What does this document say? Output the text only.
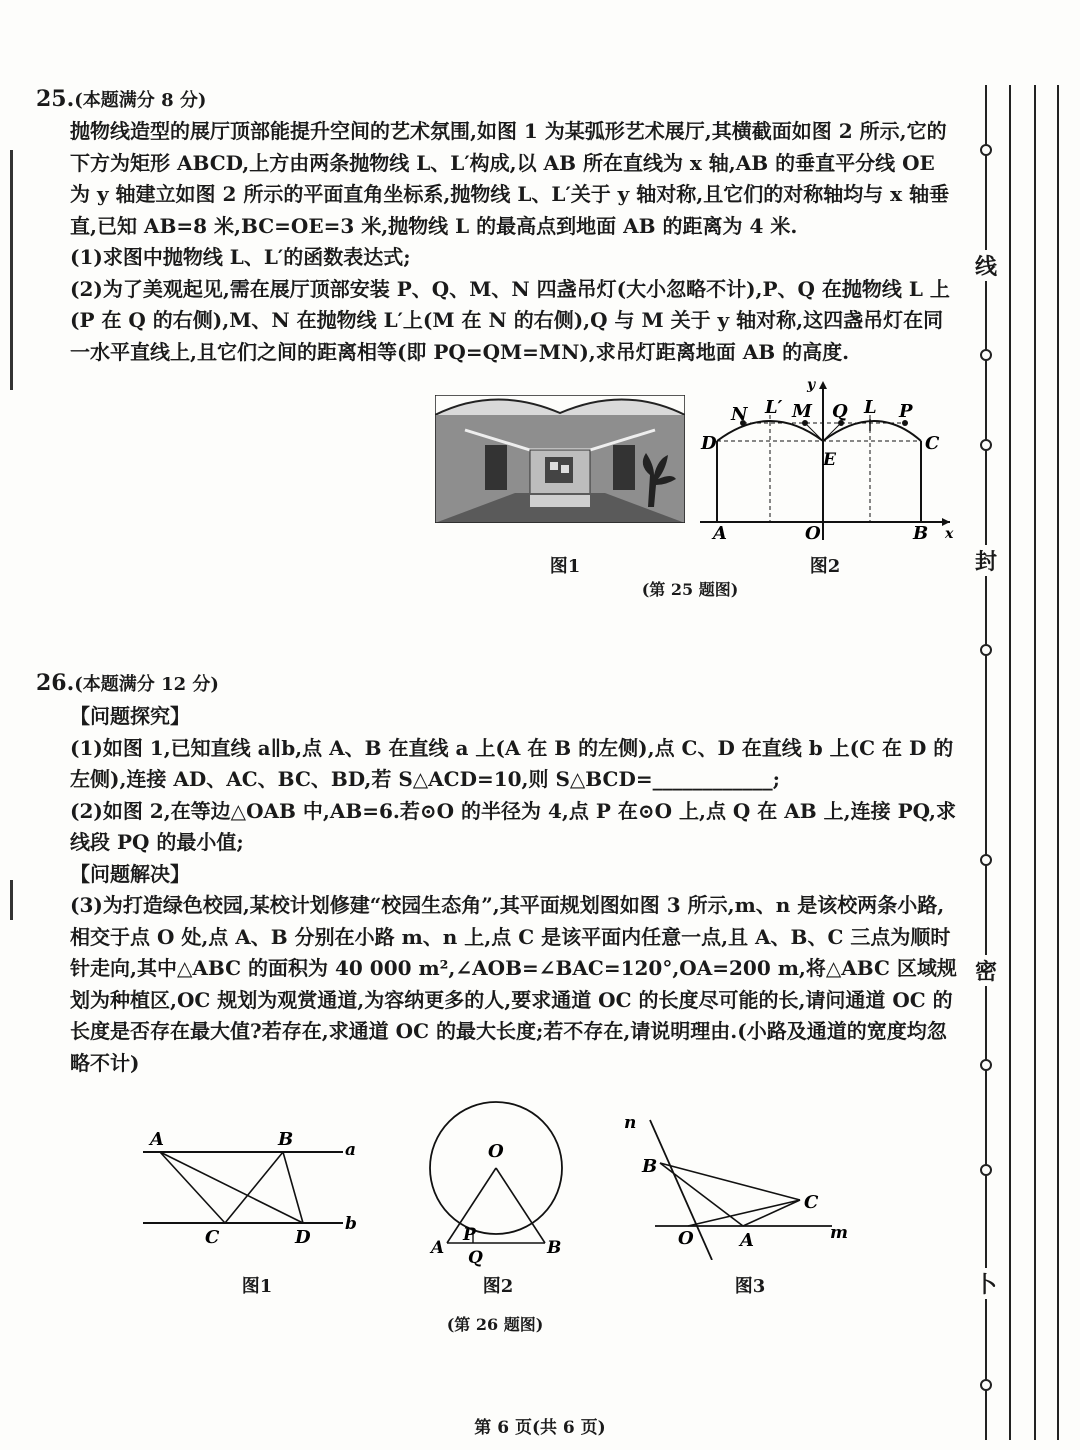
25.(本题满分 8 分)

抛物线造型的展厅顶部能提升空间的艺术氛围,如图 1 为某弧形艺术展厅,其横截面如图 2 所示,它的下方为矩形 ABCD,上方由两条抛物线 L、L′构成,以 AB 所在直线为 x 轴,AB 的垂直平分线 OE 为 y 轴建立如图 2 所示的平面直角坐标系,抛物线 L、L′关于 y 轴对称,且它们的对称轴均与 x 轴垂直,已知 AB=8 米,BC=OE=3 米,抛物线 L 的最高点到地面 AB 的距离为 4 米.

(1)求图中抛物线 L、L′的函数表达式;

(2)为了美观起见,需在展厅顶部安装 P、Q、M、N 四盏吊灯(大小忽略不计),P、Q 在抛物线 L 上(P 在 Q 的右侧),M、N 在抛物线 L′上(M 在 N 的右侧),Q 与 M 关于 y 轴对称,这四盏吊灯在同一水平直线上,且它们之间的距离相等(即 PQ=QM=MN),求吊灯距离地面 AB 的高度.

N L′ M Q L P
y
D	C
E
A	O	B x
图1	图2
(第 25 题图)
26.(本题满分 12 分)

【问题探究】

(1)如图 1,已知直线 a∥b,点 A、B 在直线 a 上(A 在 B 的左侧),点 C、D 在直线 b 上(C 在 D 的左侧),连接 AD、AC、BC、BD,若 S△ACD=10,则 S△BCD=____________;

(2)如图 2,在等边△OAB 中,AB=6.若⊙O 的半径为 4,点 P 在⊙O 上,点 Q 在 AB 上,连接 PQ,求线段 PQ 的最小值;

【问题解决】

(3)为打造绿色校园,某校计划修建“校园生态角”,其平面规划图如图 3 所示,m、n 是该校两条小路,相交于点 O 处,点 A、B 分别在小路 m、n 上,点 C 是该平面内任意一点,且 A、B、C 三点为顺时针走向,其中△ABC 的面积为 40 000 m²,∠AOB=∠BAC=120°,OA=200 m,将△ABC 区域规划为种植区,OC 规划为观赏通道,为容纳更多的人,要求通道 OC 的长度尽可能的长,请问通道 OC 的长度是否存在最大值?若存在,求通道 OC 的最大长度;若不存在,请说明理由.(小路及通道的宽度均忽略不计)

A	B	a
C	D
b
O
P
A Q	B
n
B
C
O	A	m
图1	图2	图3
(第 26 题图)
第 6 页(共 6 页)
线
封
密
卜
